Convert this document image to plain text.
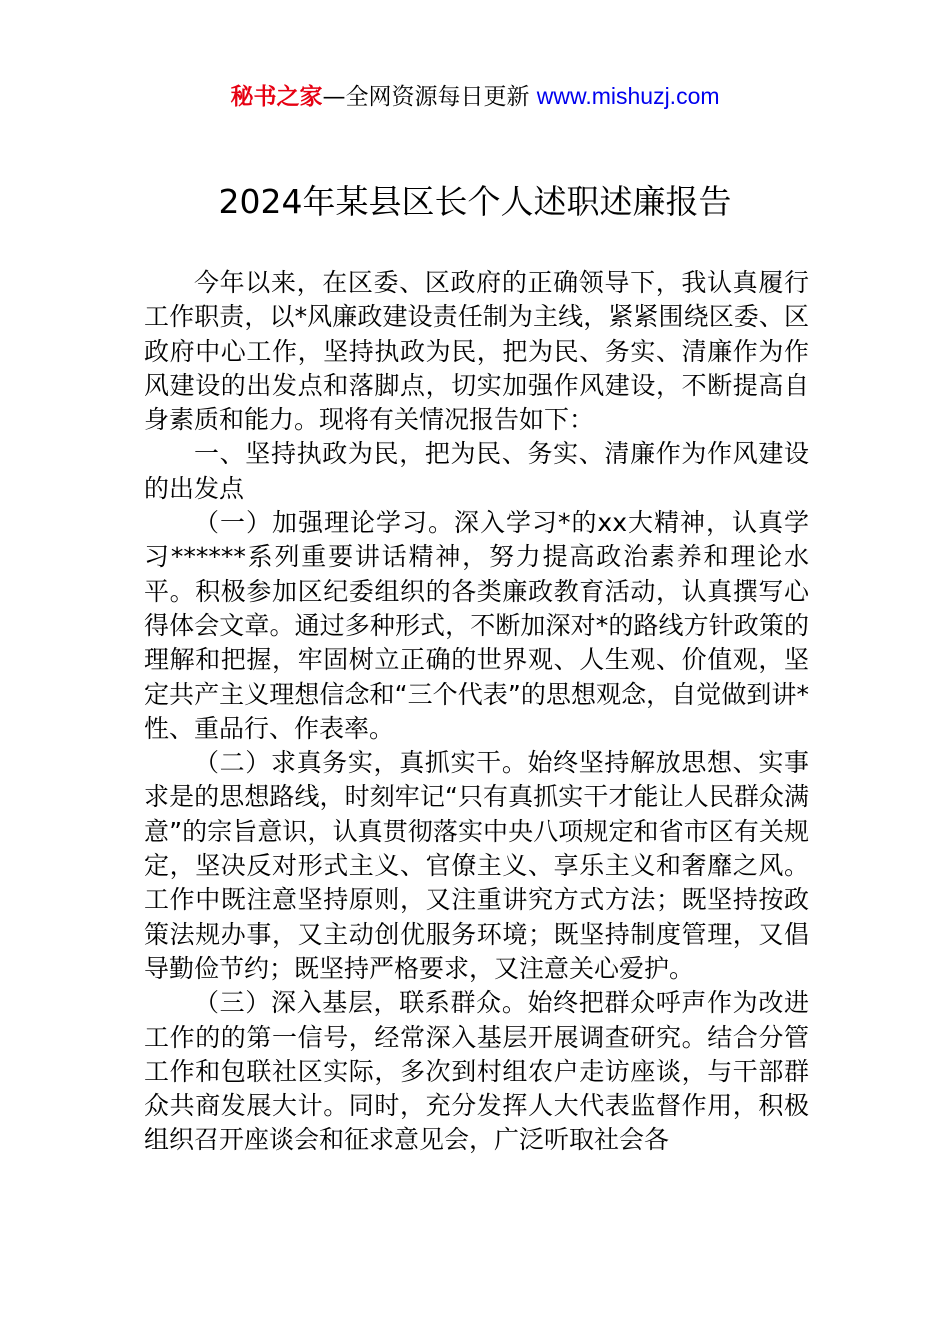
秘书之家—全网资源每日更新 www.mishuzj.com
2024年某县区长个人述职述廉报告

今年以来，在区委、区政府的正确领导下，我认真履行工作职责，以*风廉政建设责任制为主线，紧紧围绕区委、区政府中心工作，坚持执政为民，把为民、务实、清廉作为作风建设的出发点和落脚点，切实加强作风建设，不断提高自身素质和能力。现将有关情况报告如下：

一、坚持执政为民，把为民、务实、清廉作为作风建设的出发点

（一）加强理论学习。深入学习*的xx大精神，认真学习******系列重要讲话精神，努力提高政治素养和理论水平。积极参加区纪委组织的各类廉政教育活动，认真撰写心得体会文章。通过多种形式，不断加深对*的路线方针政策的理解和把握，牢固树立正确的世界观、人生观、价值观，坚定共产主义理想信念和“三个代表”的思想观念，自觉做到讲*性、重品行、作表率。

（二）求真务实，真抓实干。始终坚持解放思想、实事求是的思想路线，时刻牢记“只有真抓实干才能让人民群众满意”的宗旨意识，认真贯彻落实中央八项规定和省市区有关规定，坚决反对形式主义、官僚主义、享乐主义和奢靡之风。工作中既注意坚持原则，又注重讲究方式方法；既坚持按政策法规办事，又主动创优服务环境；既坚持制度管理，又倡导勤俭节约；既坚持严格要求，又注意关心爱护。

（三）深入基层，联系群众。始终把群众呼声作为改进工作的的第一信号，经常深入基层开展调查研究。结合分管工作和包联社区实际，多次到村组农户走访座谈，与干部群众共商发展大计。同时，充分发挥人大代表监督作用，积极组织召开座谈会和征求意见会，广泛听取社会各
